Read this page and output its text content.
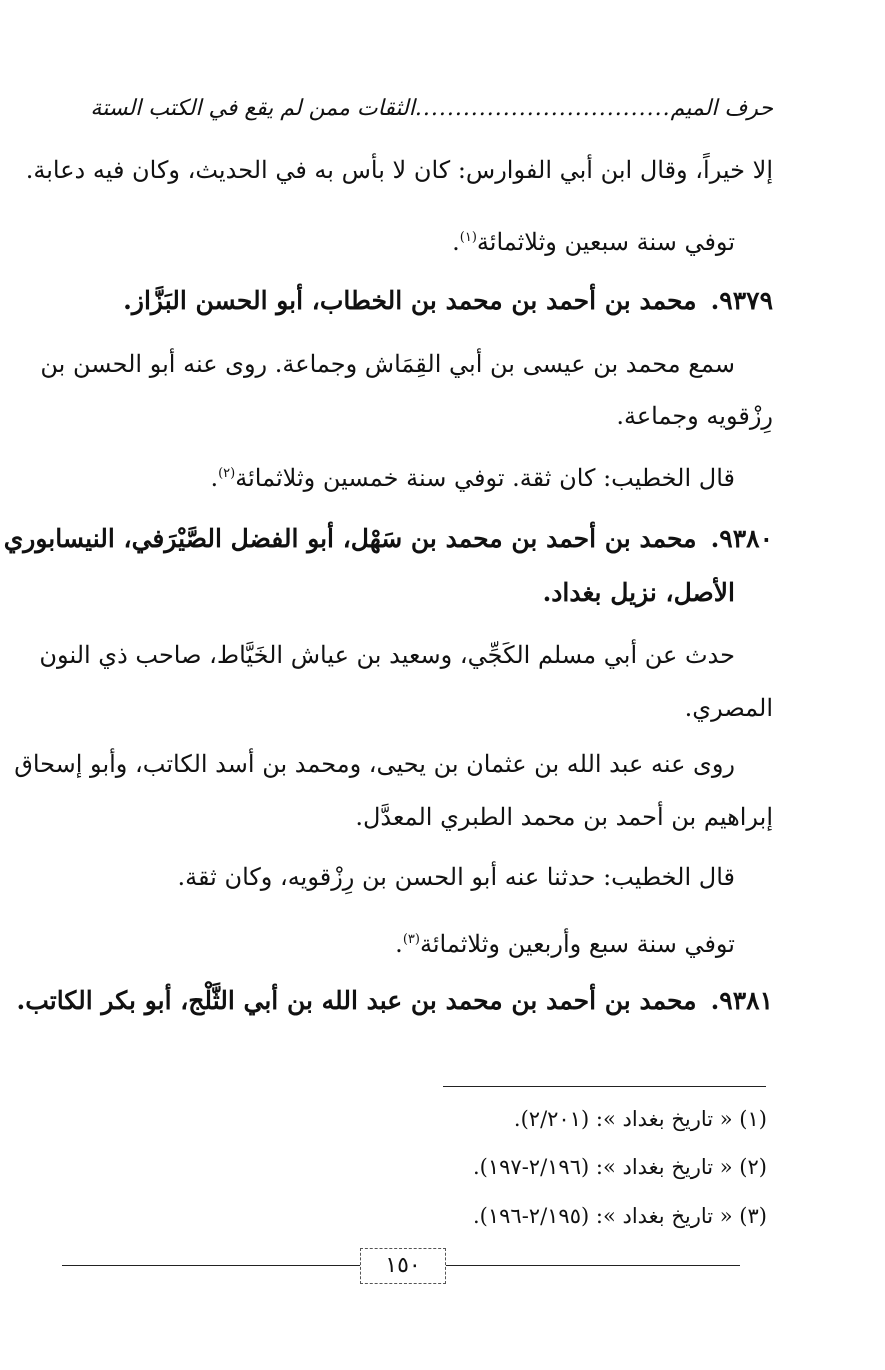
حرف الميم
................................
الثقات ممن لم يقع في الكتب الستة
إلا خيراً، وقال ابن أبي الفوارس: كان لا بأس به في الحديث، وكان فيه دعابة.
توفي سنة سبعين وثلاثمائة$^{(١)}$.
٩٣٧٩.محمد بن أحمد بن محمد بن الخطاب، أبو الحسن البَزَّاز.
سمع محمد بن عيسى بن أبي القِمَاش وجماعة. روى عنه أبو الحسن بن
رِزْقويه وجماعة.
قال الخطيب: كان ثقة. توفي سنة خمسين وثلاثمائة$^{(٢)}$.
٩٣٨٠.محمد بن أحمد بن محمد بن سَهْل، أبو الفضل الصَّيْرَفي، النيسابوري
الأصل، نزيل بغداد.
حدث عن أبي مسلم الكَجِّي، وسعيد بن عياش الخَيَّاط، صاحب ذي النون
المصري.
روى عنه عبد الله بن عثمان بن يحيى، ومحمد بن أسد الكاتب، وأبو إسحاق
إبراهيم بن أحمد بن محمد الطبري المعدَّل.
قال الخطيب: حدثنا عنه أبو الحسن بن رِزْقويه، وكان ثقة.
توفي سنة سبع وأربعين وثلاثمائة$^{(٣)}$.
٩٣٨١.محمد بن أحمد بن محمد بن عبد الله بن أبي الثَّلْج، أبو بكر الكاتب.
(١) « تاريخ بغداد »: (٢/٢٠١).
(٢) « تاريخ بغداد »: (٢/١٩٦-١٩٧).
(٣) « تاريخ بغداد »: (٢/١٩٥-١٩٦).
١٥٠
